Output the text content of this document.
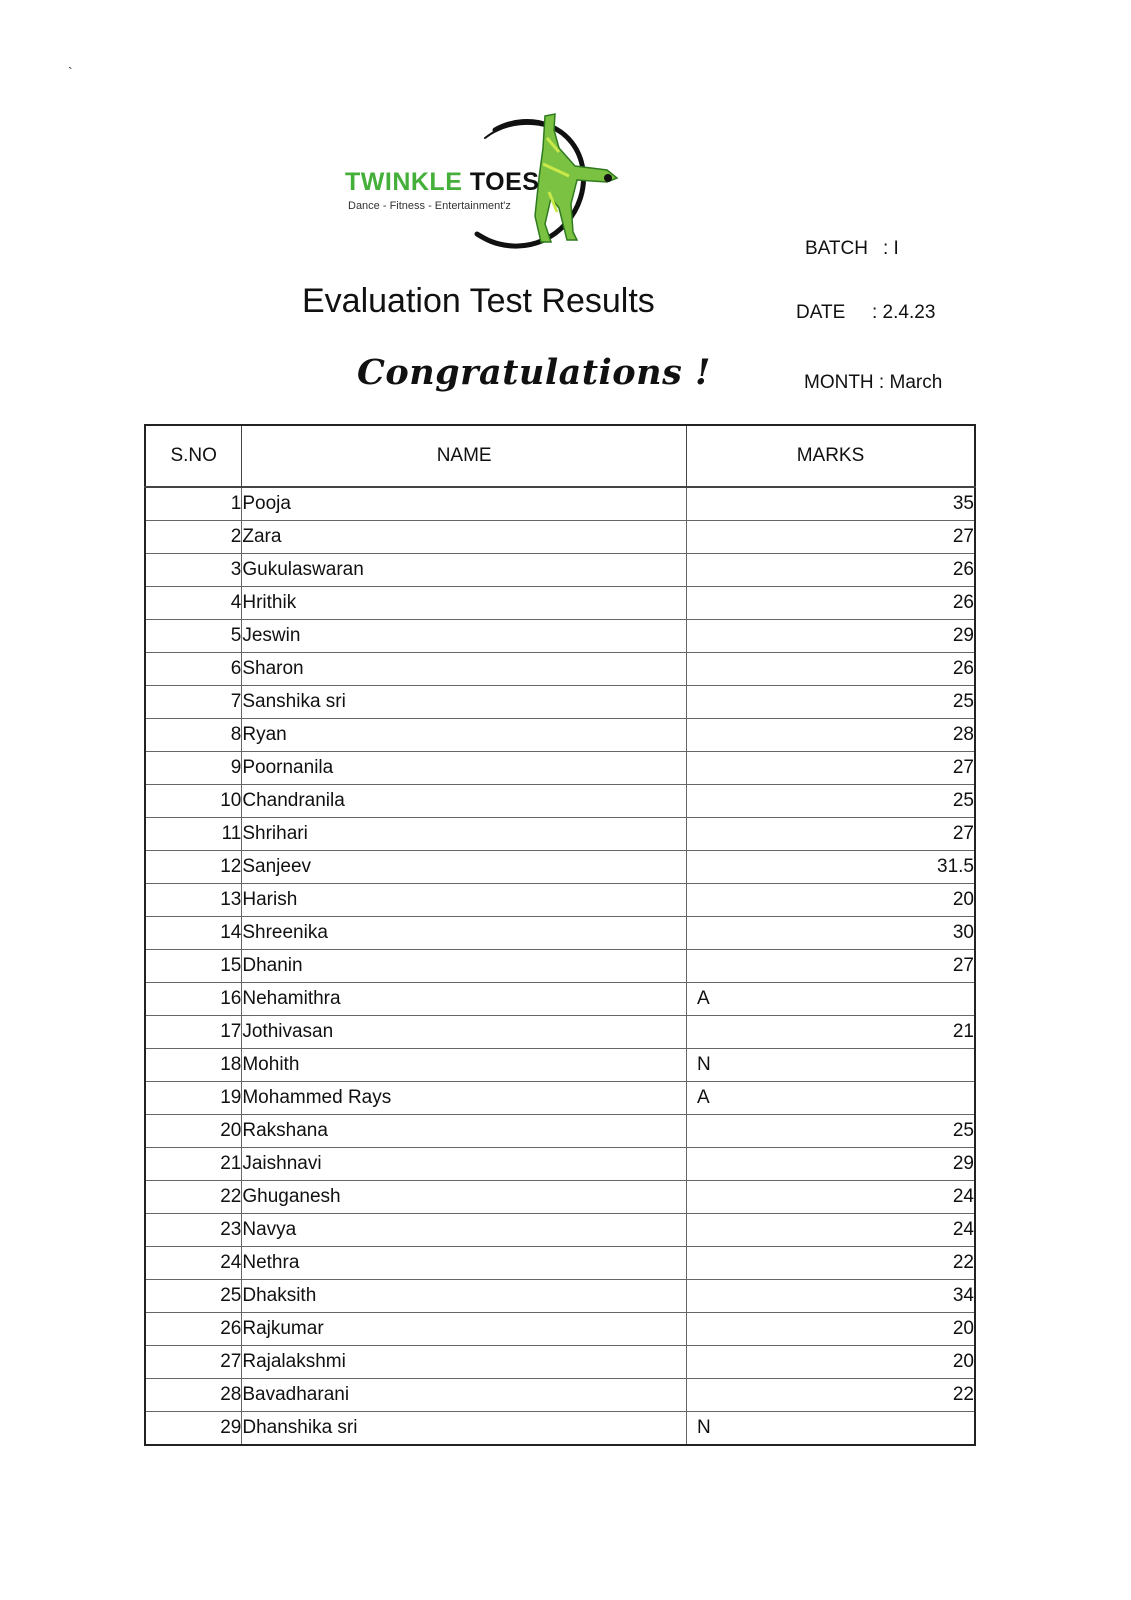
`
TWINKLE TOES
Dance - Fitness - Entertainment'z
BATCH : I
DATE : 2.4.23
MONTH : March
Evaluation Test Results
Congratulations !
S.NO	NAME	MARKS
1	Pooja	35
2	Zara	27
3	Gukulaswaran	26
4	Hrithik	26
5	Jeswin	29
6	Sharon	26
7	Sanshika sri	25
8	Ryan	28
9	Poornanila	27
10	Chandranila	25
11	Shrihari	27
12	Sanjeev	31.5
13	Harish	20
14	Shreenika	30
15	Dhanin	27
16	Nehamithra	A
17	Jothivasan	21
18	Mohith	N
19	Mohammed Rays	A
20	Rakshana	25
21	Jaishnavi	29
22	Ghuganesh	24
23	Navya	24
24	Nethra	22
25	Dhaksith	34
26	Rajkumar	20
27	Rajalakshmi	20
28	Bavadharani	22
29	Dhanshika sri	N
